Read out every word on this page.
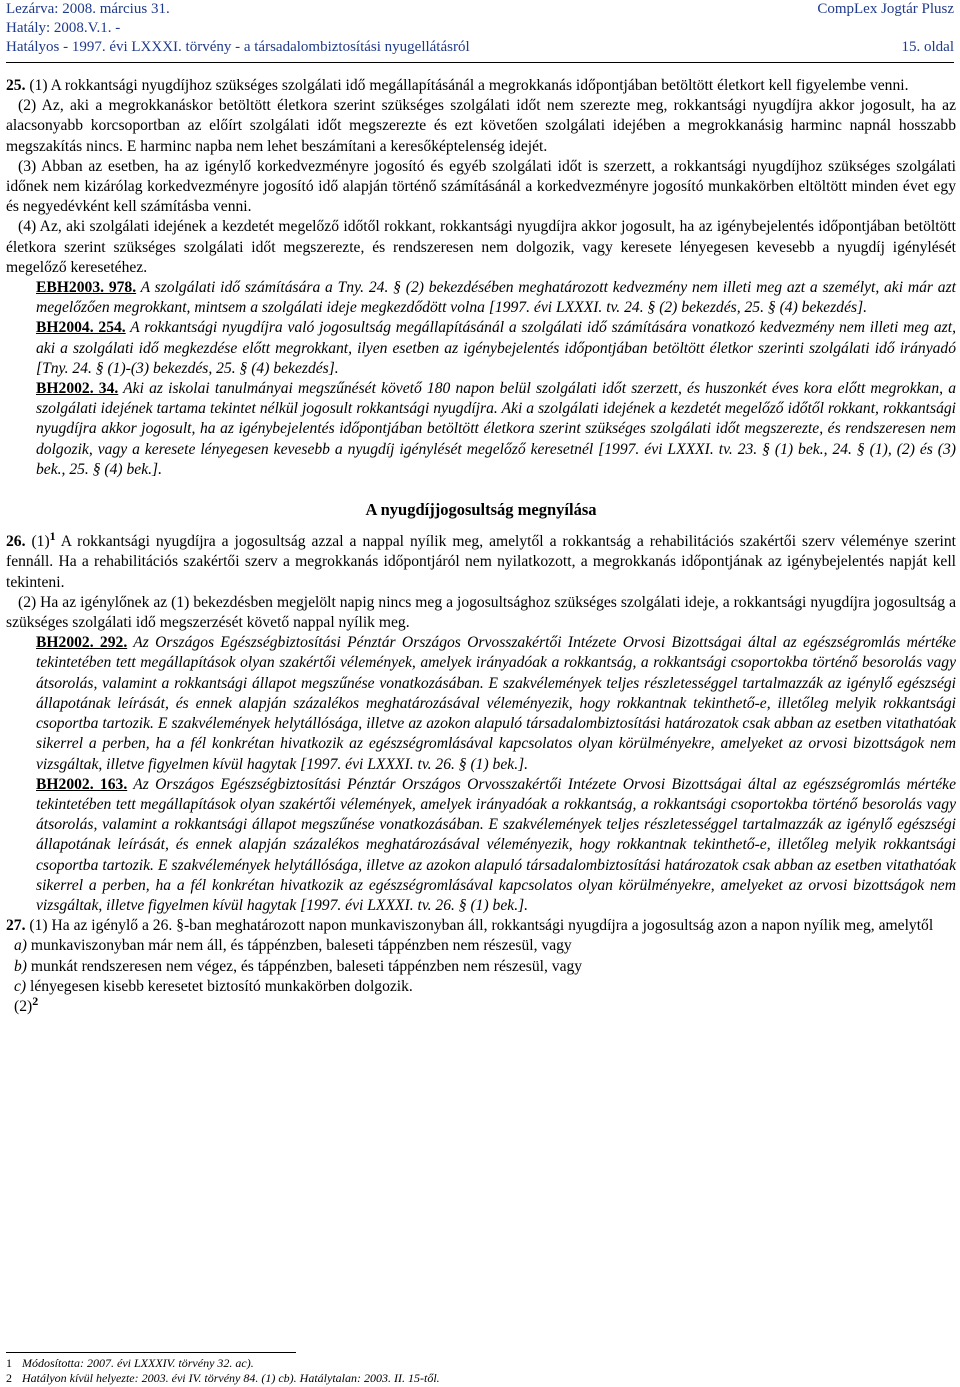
Lezárva: 2008. március 31.
Hatály: 2008.V.1. -
Hatályos - 1997. évi LXXXI. törvény - a társadalombiztosítási nyugellátásról
CompLex Jogtár Plusz
15. oldal

25. (1) A rokkantsági nyugdíjhoz szükséges szolgálati idő megállapításánál a megrokkanás időpontjában betöltött életkort kell figyelembe venni.

(2) Az, aki a megrokkanáskor betöltött életkora szerint szükséges szolgálati időt nem szerezte meg, rokkantsági nyugdíjra akkor jogosult, ha az alacsonyabb korcsoportban az előírt szolgálati időt megszerezte és ezt követően szolgálati idejében a megrokkanásig harminc napnál hosszabb megszakítás nincs. E harminc napba nem lehet beszámítani a keresőképtelenség idejét.

(3) Abban az esetben, ha az igénylő korkedvezményre jogosító és egyéb szolgálati időt is szerzett, a rokkantsági nyugdíjhoz szükséges szolgálati időnek nem kizárólag korkedvezményre jogosító idő alapján történő számításánál a korkedvezményre jogosító munkakörben eltöltött minden évet egy és negyedévként kell számításba venni.

(4) Az, aki szolgálati idejének a kezdetét megelőző időtől rokkant, rokkantsági nyugdíjra akkor jogosult, ha az igénybejelentés időpontjában betöltött életkora szerint szükséges szolgálati időt megszerezte, és rendszeresen nem dolgozik, vagy keresete lényegesen kevesebb a nyugdíj igénylését megelőző keresetéhez.

EBH2003. 978. A szolgálati idő számítására a Tny. 24. § (2) bekezdésében meghatározott kedvezmény nem illeti meg azt a személyt, aki már azt megelőzően megrokkant, mintsem a szolgálati ideje megkezdődött volna [1997. évi LXXXI. tv. 24. § (2) bekezdés, 25. § (4) bekezdés].

BH2004. 254. A rokkantsági nyugdíjra való jogosultság megállapításánál a szolgálati idő számítására vonatkozó kedvezmény nem illeti meg azt, aki a szolgálati idő megkezdése előtt megrokkant, ilyen esetben az igénybejelentés időpontjában betöltött életkor szerinti szolgálati idő irányadó [Tny. 24. § (1)-(3) bekezdés, 25. § (4) bekezdés].

BH2002. 34. Aki az iskolai tanulmányai megszűnését követő 180 napon belül szolgálati időt szerzett, és huszonkét éves kora előtt megrokkan, a szolgálati idejének tartama tekintet nélkül jogosult rokkantsági nyugdíjra. Aki a szolgálati idejének a kezdetét megelőző időtől rokkant, rokkantsági nyugdíjra akkor jogosult, ha az igénybejelentés időpontjában betöltött életkora szerint szükséges szolgálati időt megszerezte, és rendszeresen nem dolgozik, vagy a keresete lényegesen kevesebb a nyugdíj igénylését megelőző keresetnél [1997. évi LXXXI. tv. 23. § (1) bek., 24. § (1), (2) és (3) bek., 25. § (4) bek.].

A nyugdíjjogosultság megnyílása

26. $(1)^1$ A rokkantsági nyugdíjra a jogosultság azzal a nappal nyílik meg, amelytől a rokkantság a rehabilitációs szakértői szerv véleménye szerint fennáll. Ha a rehabilitációs szakértői szerv a megrokkanás időpontjáról nem nyilatkozott, a megrokkanás időpontjának az igénybejelentés napját kell tekinteni.

(2) Ha az igénylőnek az (1) bekezdésben megjelölt napig nincs meg a jogosultsághoz szükséges szolgálati ideje, a rokkantsági nyugdíjra jogosultság a szükséges szolgálati idő megszerzését követő nappal nyílik meg.

BH2002. 292. Az Országos Egészségbiztosítási Pénztár Országos Orvosszakértői Intézete Orvosi Bizottságai által az egészségromlás mértéke tekintetében tett megállapítások olyan szakértői vélemények, amelyek irányadóak a rokkantság, a rokkantsági csoportokba történő besorolás vagy átsorolás, valamint a rokkantsági állapot megszűnése vonatkozásában. E szakvélemények teljes részletességgel tartalmazzák az igénylő egészségi állapotának leírását, és ennek alapján százalékos meghatározásával véleményezik, hogy rokkantnak tekinthető-e, illetőleg melyik rokkantsági csoportba tartozik. E szakvélemények helytállósága, illetve az azokon alapuló társadalombiztosítási határozatok csak abban az esetben vitathatóak sikerrel a perben, ha a fél konkrétan hivatkozik az egészségromlásával kapcsolatos olyan körülményekre, amelyeket az orvosi bizottságok nem vizsgáltak, illetve figyelmen kívül hagytak [1997. évi LXXXI. tv. 26. § (1) bek.].

BH2002. 163. Az Országos Egészségbiztosítási Pénztár Országos Orvosszakértői Intézete Orvosi Bizottságai által az egészségromlás mértéke tekintetében tett megállapítások olyan szakértői vélemények, amelyek irányadóak a rokkantság, a rokkantsági csoportokba történő besorolás vagy átsorolás, valamint a rokkantsági állapot megszűnése vonatkozásában. E szakvélemények teljes részletességgel tartalmazzák az igénylő egészségi állapotának leírását, és ennek alapján százalékos meghatározásával véleményezik, hogy rokkantnak tekinthető-e, illetőleg melyik rokkantsági csoportba tartozik. E szakvélemények helytállósága, illetve az azokon alapuló társadalombiztosítási határozatok csak abban az esetben vitathatóak sikerrel a perben, ha a fél konkrétan hivatkozik az egészségromlásával kapcsolatos olyan körülményekre, amelyeket az orvosi bizottságok nem vizsgáltak, illetve figyelmen kívül hagytak [1997. évi LXXXI. tv. 26. § (1) bek.].

27. (1) Ha az igénylő a 26. §-ban meghatározott napon munkaviszonyban áll, rokkantsági nyugdíjra a jogosultság azon a napon nyílik meg, amelytől

a) munkaviszonyban már nem áll, és táppénzben, baleseti táppénzben nem részesül, vagy

b) munkát rendszeresen nem végez, és táppénzben, baleseti táppénzben nem részesül, vagy

c) lényegesen kisebb keresetet biztosító munkakörben dolgozik.

$(2)^2$

1 Módosította: 2007. évi LXXXIV. törvény 32. ac).
2 Hatályon kívül helyezte: 2003. évi IV. törvény 84. (1) cb). Hatálytalan: 2003. II. 15-től.
